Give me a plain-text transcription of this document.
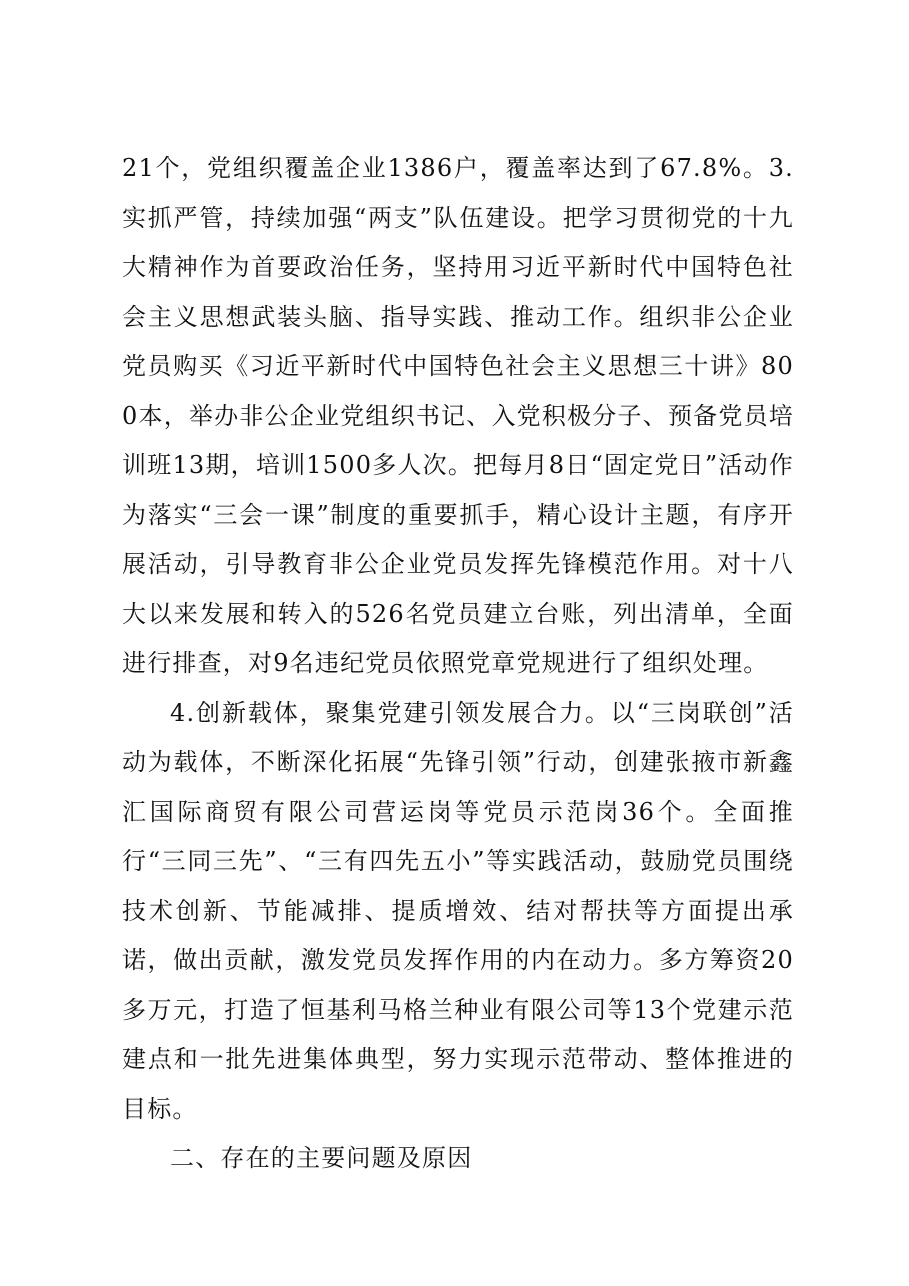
21个，党组织覆盖企业1386户，覆盖率达到了67.8%。3.实抓严管，持续加强“两支”队伍建设。把学习贯彻党的十九大精神作为首要政治任务，坚持用习近平新时代中国特色社会主义思想武装头脑、指导实践、推动工作。组织非公企业党员购买《习近平新时代中国特色社会主义思想三十讲》800本，举办非公企业党组织书记、入党积极分子、预备党员培训班13期，培训1500多人次。把每月8日“固定党日”活动作为落实“三会一课”制度的重要抓手，精心设计主题，有序开展活动，引导教育非公企业党员发挥先锋模范作用。对十八大以来发展和转入的526名党员建立台账，列出清单，全面进行排查，对9名违纪党员依照党章党规进行了组织处理。

4.创新载体，聚集党建引领发展合力。以“三岗联创”活动为载体，不断深化拓展“先锋引领”行动，创建张掖市新鑫汇国际商贸有限公司营运岗等党员示范岗36个。全面推行“三同三先”、“三有四先五小”等实践活动，鼓励党员围绕技术创新、节能减排、提质增效、结对帮扶等方面提出承诺，做出贡献，激发党员发挥作用的内在动力。多方筹资20多万元，打造了恒基利马格兰种业有限公司等13个党建示范建点和一批先进集体典型，努力实现示范带动、整体推进的目标。

二、存在的主要问题及原因
